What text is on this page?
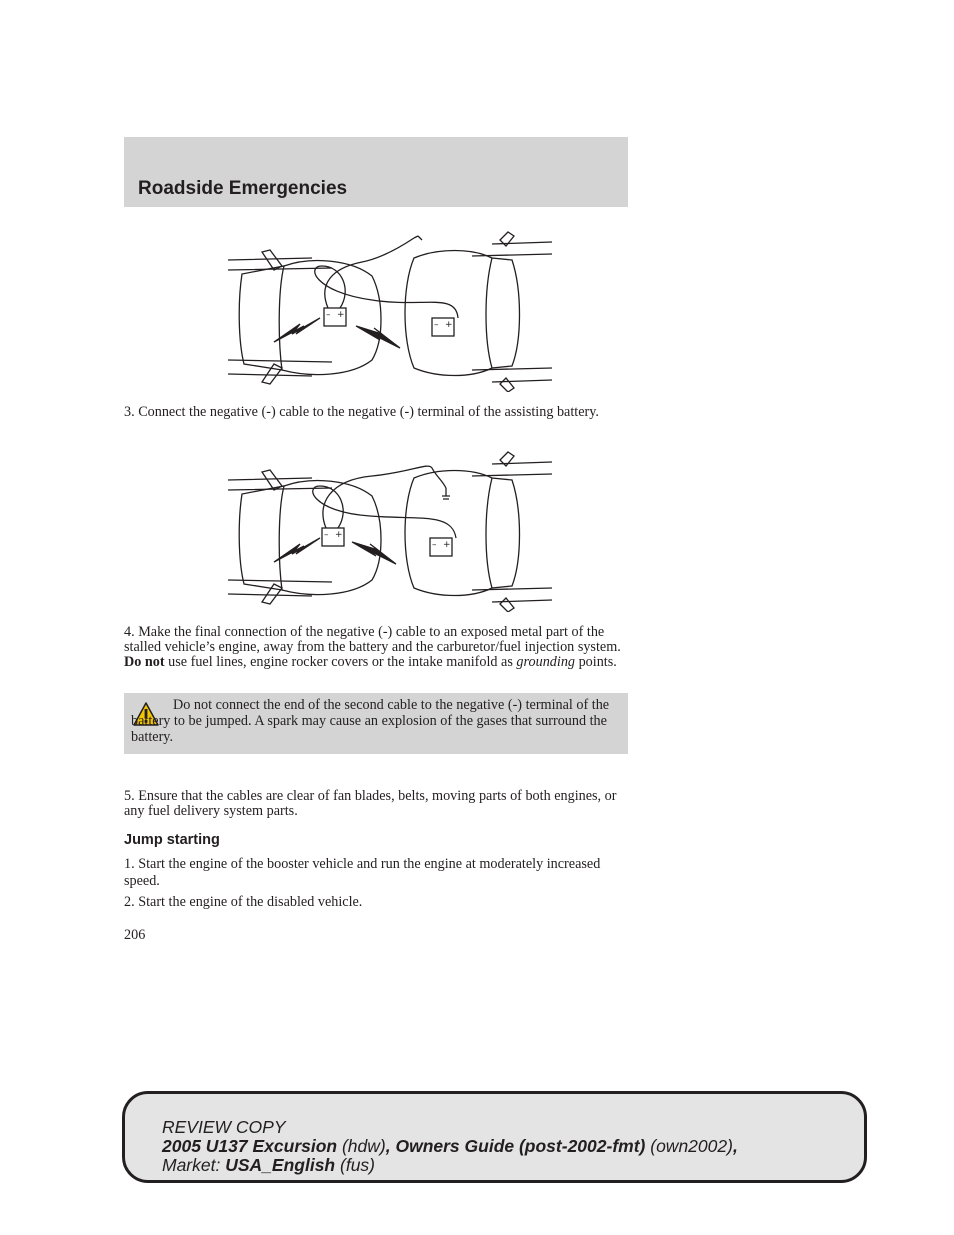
Roadside Emergencies
– +
– +
3. Connect the negative (-) cable to the negative (-) terminal of the assisting battery.
– +
– +
4. Make the final connection of the negative (-) cable to an exposed metal part of the stalled vehicle’s engine, away from the battery and the carburetor/fuel injection system. Do not use fuel lines, engine rocker covers or the intake manifold as grounding points.
Do not connect the end of the second cable to the negative (-) terminal of the battery to be jumped. A spark may cause an explosion of the gases that surround the battery.
5. Ensure that the cables are clear of fan blades, belts, moving parts of both engines, or any fuel delivery system parts.
Jump starting
1. Start the engine of the booster vehicle and run the engine at moderately increased speed.
2. Start the engine of the disabled vehicle.
206
REVIEW COPY
2005 U137 Excursion (hdw), Owners Guide (post-2002-fmt) (own2002),
Market: USA_English (fus)
